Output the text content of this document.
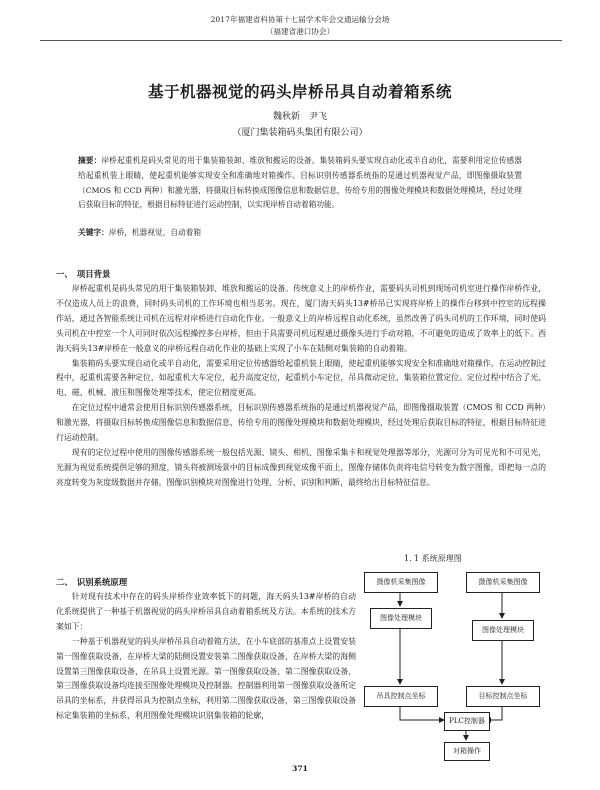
2017年福建省科协第十七届学术年会交通运输分会场
（福建省港口协会）
基于机器视觉的码头岸桥吊具自动着箱系统
魏秋新　尹飞
（厦门集装箱码头集团有限公司）
摘要：岸桥起重机是码头常见的用于集装箱装卸、堆放和搬运的设备。集装箱码头要实现自动化或半自动化，需要利用定位传感器给起重机装上眼睛，使起重机能够实现安全和准确地对箱操作。目标识别传感器系统指的是通过机器视觉产品，即图像摄取装置（CMOS 和 CCD 两种）和激光器，将摄取目标转换成图像信息和数据信息，传给专用的图像处理模块和数据处理模块，经过处理后获取目标的特征，根据目标特征进行运动控制，以实现岸桥自动着箱功能。
关键字：岸桥，机器视觉，自动着箱
一、　项目背景

岸桥起重机是码头常见的用于集装箱装卸、堆放和搬运的设备。传统意义上的岸桥作业，需要码头司机到现场司机室进行操作岸桥作业，不仅造成人员上的浪费，同时码头司机的工作环境也相当恶劣。现在，厦门海天码头13#桥吊已实现将岸桥上的操作台移到中控室的远程操作站，通过各智能系统让司机在远程对岸桥进行自动化作业。一般意义上的岸桥远程自动化系统，虽然改善了码头司机的工作环境，同时使码头司机在中控室一个人可同时依次远程操控多台岸桥，但由于具需要司机远程通过摄像头进行手动对箱，不可避免的造成了效率上的低下。西海天码头13#岸桥在一般意义的岸桥远程自动化作业的基础上实现了小车在陆侧对集装箱的自动着箱。

集装箱码头要实现自动化或半自动化，需要采用定位传感器给起重机装上眼睛，使起重机能够实现安全和准确地对箱操作。在运动控制过程中，起重机需要各种定位，如起重机大车定位，起升高度定位，起重机小车定位，吊具微动定位，集装箱位置定位。定位过程中结合了光、电、磁、机械、液压和图像处理等技术，使定位精度更高。

在定位过程中通常会使用目标识别传感器系统，目标识别传感器系统指的是通过机器视觉产品，即图像摄取装置（CMOS 和 CCD 两种）和激光器，将摄取目标转换成图像信息和数据信息，传给专用的图像处理模块和数据处理模块，经过处理后获取目标的特征，根据目标特征进行运动控制。

现有的定位过程中使用的图像传感器系统一般包括光源、镜头、相机、图像采集卡和视觉处理器等部分，光源可分为可见光和不可见光，光源为视觉系统提供足够的照度，镜头将被测场景中的目标成像到视觉成像平面上，图像存储体负责将电信号转变为数字图像，即把每一点的亮度转变为灰度级数据并存储。图像识别模块对图像进行处理、分析、识别和判断，最终给出目标特征信息。

1. 1 系统原理图
二、　识别系统原理

针对现有技术中存在的码头岸桥作业效率低下的问题，海天码头13#岸桥的自动化系统提供了一种基于机器视觉的码头岸桥吊具自动着箱系统及方法。本系统的技术方案如下：

一种基于机器视觉的码头岸桥吊具自动着箱方法，在小车底部的基准点上设置安装第一图像获取设备，在岸桥大梁的陆侧设置安装第二图像获取设备，在岸桥大梁的海侧设置第三图像获取设备，在吊具上设置光源。第一图像获取设备、第二图像获取设备、第三图像获取设备均连接至图像处理模块及控制器。控制器利用第一图像获取设备所定吊具的坐标系，并获得吊具为控制点坐标，利用第二图像获取设备，第三图像获取设备标定集装箱的坐标系，利用图像处理模块识别集装箱的轮廓，

摄像机采集图像	摄像机采集图像
图像处理模块
图像处理模块
吊具控制点坐标	目标控制点坐标
PLC控制器
对箱操作
371
